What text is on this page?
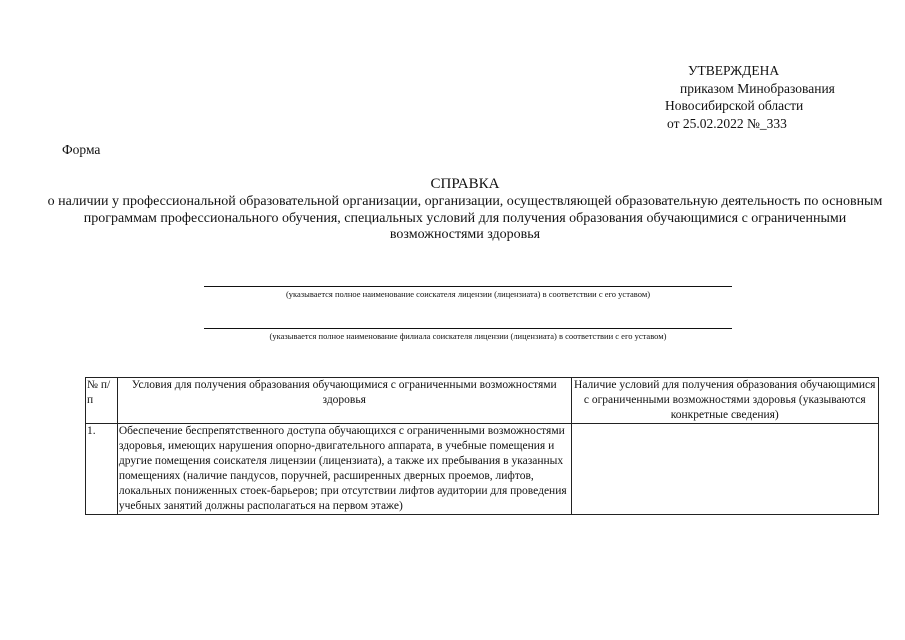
УТВЕРЖДЕНА
приказом Минобразования
Новосибирской области
от 25.02.2022 №_333
Форма
СПРАВКА
о наличии у профессиональной образовательной организации, организации, осуществляющей образовательную деятельность по основным программам профессионального обучения, специальных условий для получения образования обучающимися с ограниченными возможностями здоровья
(указывается полное наименование соискателя лицензии (лицензиата) в соответствии с его уставом)
(указывается полное наименование филиала соискателя лицензии (лицензиата) в соответствии с его уставом)
№ п/п	Условия для получения образования обучающимися с ограниченными возможностями здоровья	Наличие условий для получения образования обучающимися с ограниченными возможностями здоровья (указываются конкретные сведения)
1.	Обеспечение беспрепятственного доступа обучающихся с ограниченными возможностями здоровья, имеющих нарушения опорно-двигательного аппарата, в учебные помещения и другие помещения соискателя лицензии (лицензиата), а также их пребывания в указанных помещениях (наличие пандусов, поручней, расширенных дверных проемов, лифтов, локальных пониженных стоек-барьеров; при отсутствии лифтов аудитории для проведения учебных занятий должны располагаться на первом этаже)	
